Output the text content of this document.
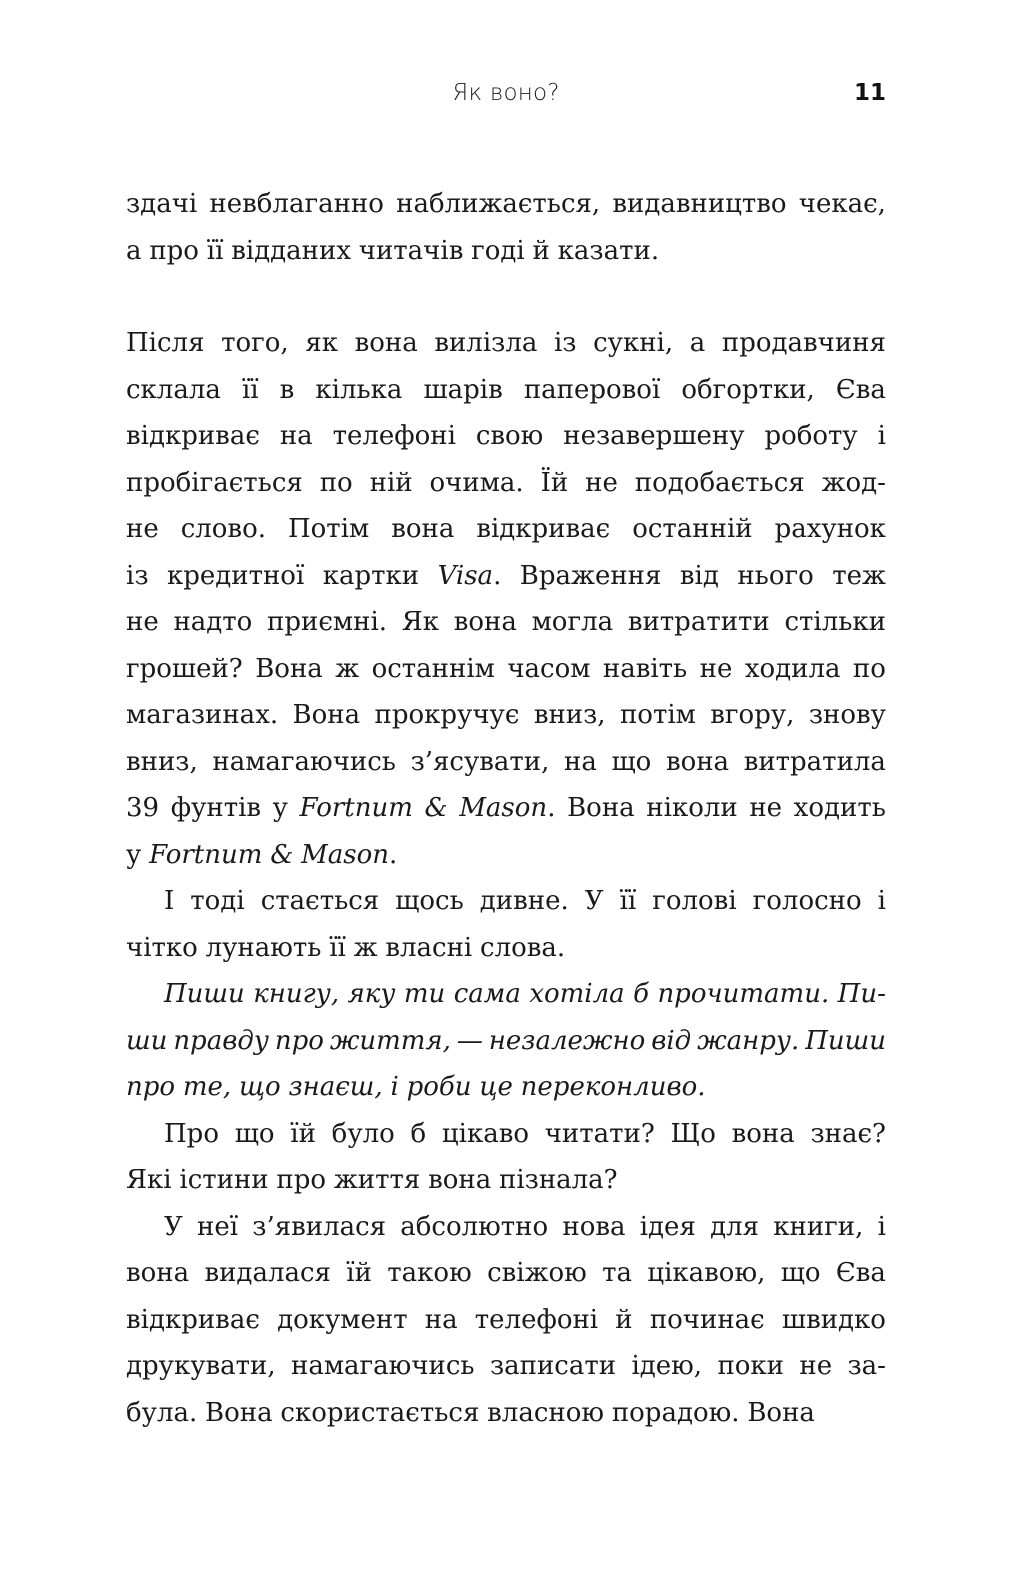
Як воно?	11
здачі невблаганно наближається, видавництво чекає,
а про її відданих читачів годі й казати.
Після того, як вона вилізла із сукні, а продавчиня
склала її в кілька шарів паперової обгортки, Єва
відкриває на телефоні свою незавершену роботу і
пробігається по ній очима. Їй не подобається жод-
не слово. Потім вона відкриває останній рахунок
із кредитної картки Visa. Враження від нього теж
не надто приємні. Як вона могла витратити стільки
грошей? Вона ж останнім часом навіть не ходила по
магазинах. Вона прокручує вниз, потім вгору, знову
вниз, намагаючись з’ясувати, на що вона витратила
39 фунтів у Fortnum & Mason. Вона ніколи не ходить
у Fortnum & Mason.
І тоді стається щось дивне. У її голові голосно і
чітко лунають її ж власні слова.
Пиши книгу, яку ти сама хотіла б прочитати. Пи-
ши правду про життя, — незалежно від жанру. Пиши
про те, що знаєш, і роби це переконливо.
Про що їй було б цікаво читати? Що вона знає?
Які істини про життя вона пізнала?
У неї з’явилася абсолютно нова ідея для книги, і
вона видалася їй такою свіжою та цікавою, що Єва
відкриває документ на телефоні й починає швидко
друкувати, намагаючись записати ідею, поки не за-
була. Вона скористається власною порадою. Вона
